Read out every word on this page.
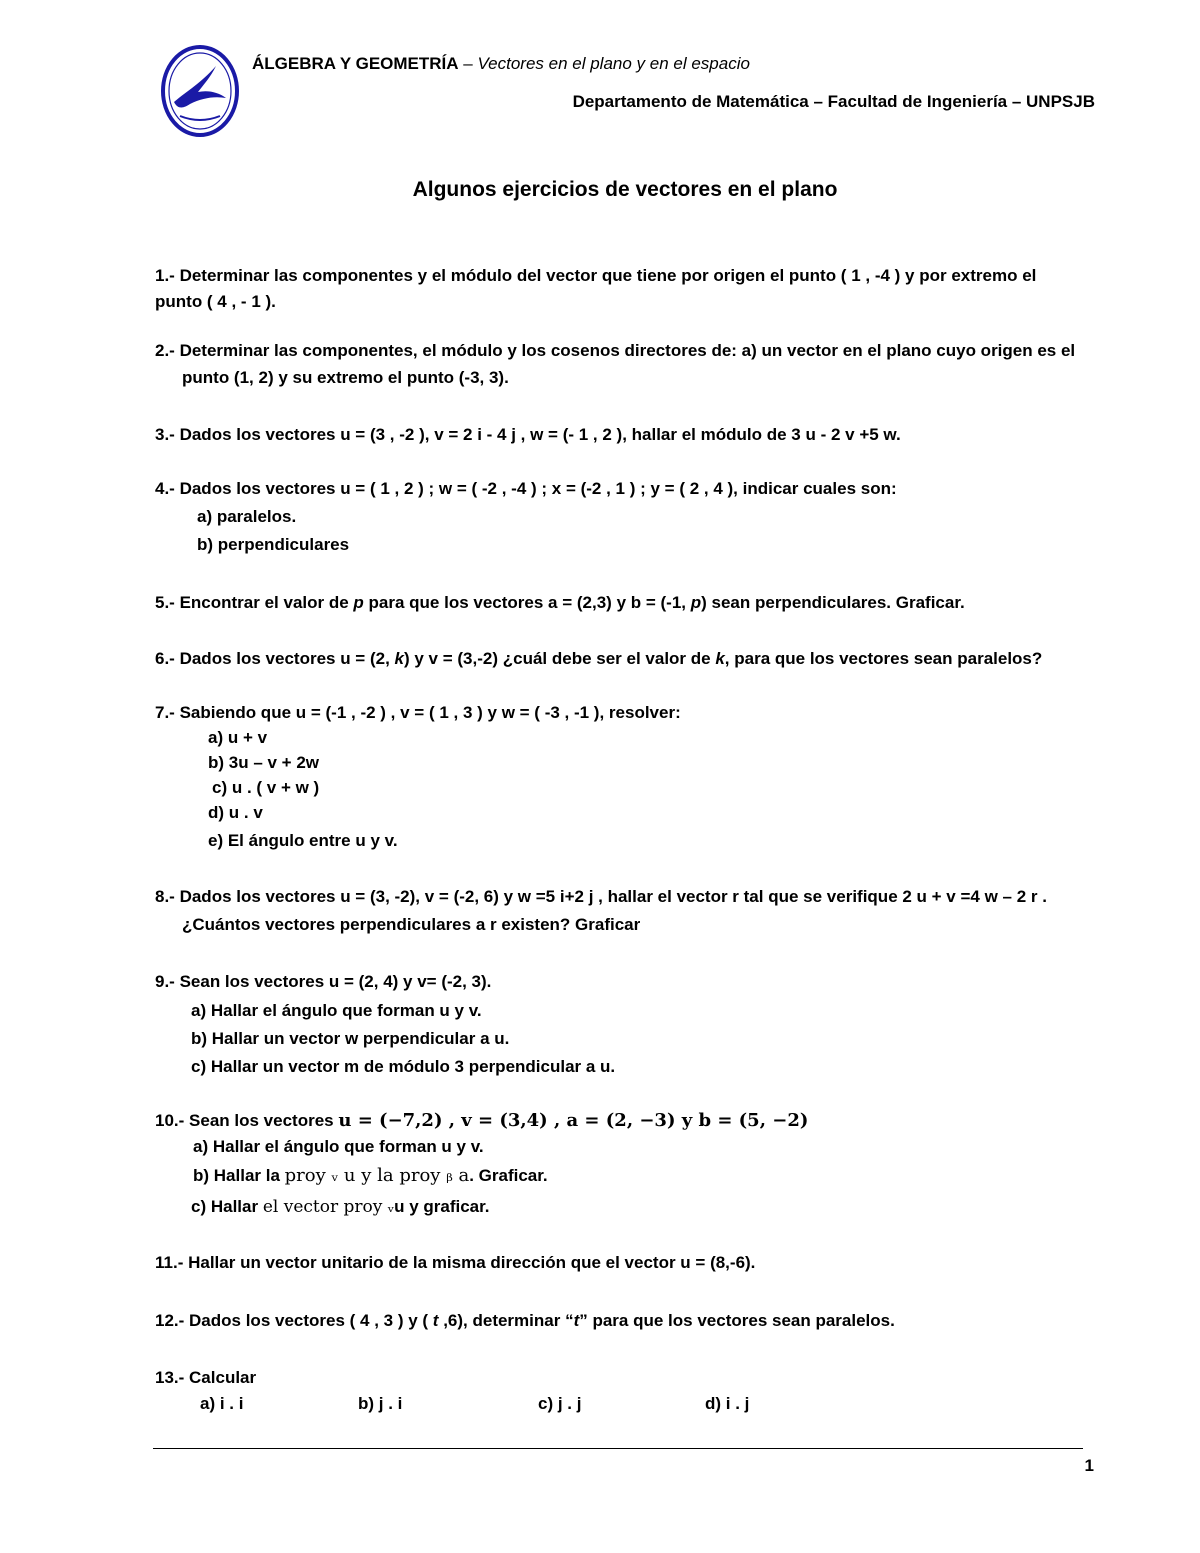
ÁLGEBRA Y GEOMETRÍA – Vectores en el plano y en el espacio
Departamento de Matemática – Facultad de Ingeniería – UNPSJB
Algunos ejercicios de vectores en el plano
1.- Determinar las componentes y el módulo del vector que tiene por origen el punto ( 1 , -4 ) y por extremo el
punto ( 4 , - 1 ).
2.- Determinar las componentes, el módulo y los cosenos directores de: a) un vector en el plano cuyo origen es el
punto (1, 2) y su extremo el punto (-3, 3).
3.- Dados los vectores u = (3 , -2 ), v = 2 i - 4 j , w = (- 1 , 2 ), hallar el módulo de 3 u - 2 v +5 w.
4.- Dados los vectores u = ( 1 , 2 ) ; w = ( -2 , -4 ) ; x = (-2 , 1 ) ; y = ( 2 , 4 ), indicar cuales son:
a) paralelos.
b) perpendiculares
5.- Encontrar el valor de p para que los vectores a = (2,3) y b = (-1, p) sean perpendiculares. Graficar.
6.- Dados los vectores u = (2, k) y v = (3,-2) ¿cuál debe ser el valor de k, para que los vectores sean paralelos?
7.- Sabiendo que u = (-1 , -2 ) , v = ( 1 , 3 ) y w = ( -3 , -1 ), resolver:
a) u + v
b) 3u – v + 2w
c) u . ( v + w )
d) u . v
e) El ángulo entre u y v.
8.- Dados los vectores u = (3, -2), v = (-2, 6) y w =5 i+2 j , hallar el vector r tal que se verifique 2 u + v =4 w – 2 r .
¿Cuántos vectores perpendiculares a r existen? Graficar
9.- Sean los vectores u = (2, 4) y v= (-2, 3).
a) Hallar el ángulo que forman u y v.
b) Hallar un vector w perpendicular a u.
c) Hallar un vector m de módulo 3 perpendicular a u.
10.- Sean los vectores u = (−7,2) , v = (3,4) , a = (2, −3) y b = (5, −2)
a) Hallar el ángulo que forman u y v.
b) Hallar la proy ᵥ u y la proy ᵦ a. Graficar.
c) Hallar el vector proy ᵥu y graficar.
11.- Hallar un vector unitario de la misma dirección que el vector u = (8,-6).
12.- Dados los vectores ( 4 , 3 ) y ( t ,6), determinar “t” para que los vectores sean paralelos.
13.- Calcular
a) i . i	b) j . i	c) j . j	d) i . j
1
